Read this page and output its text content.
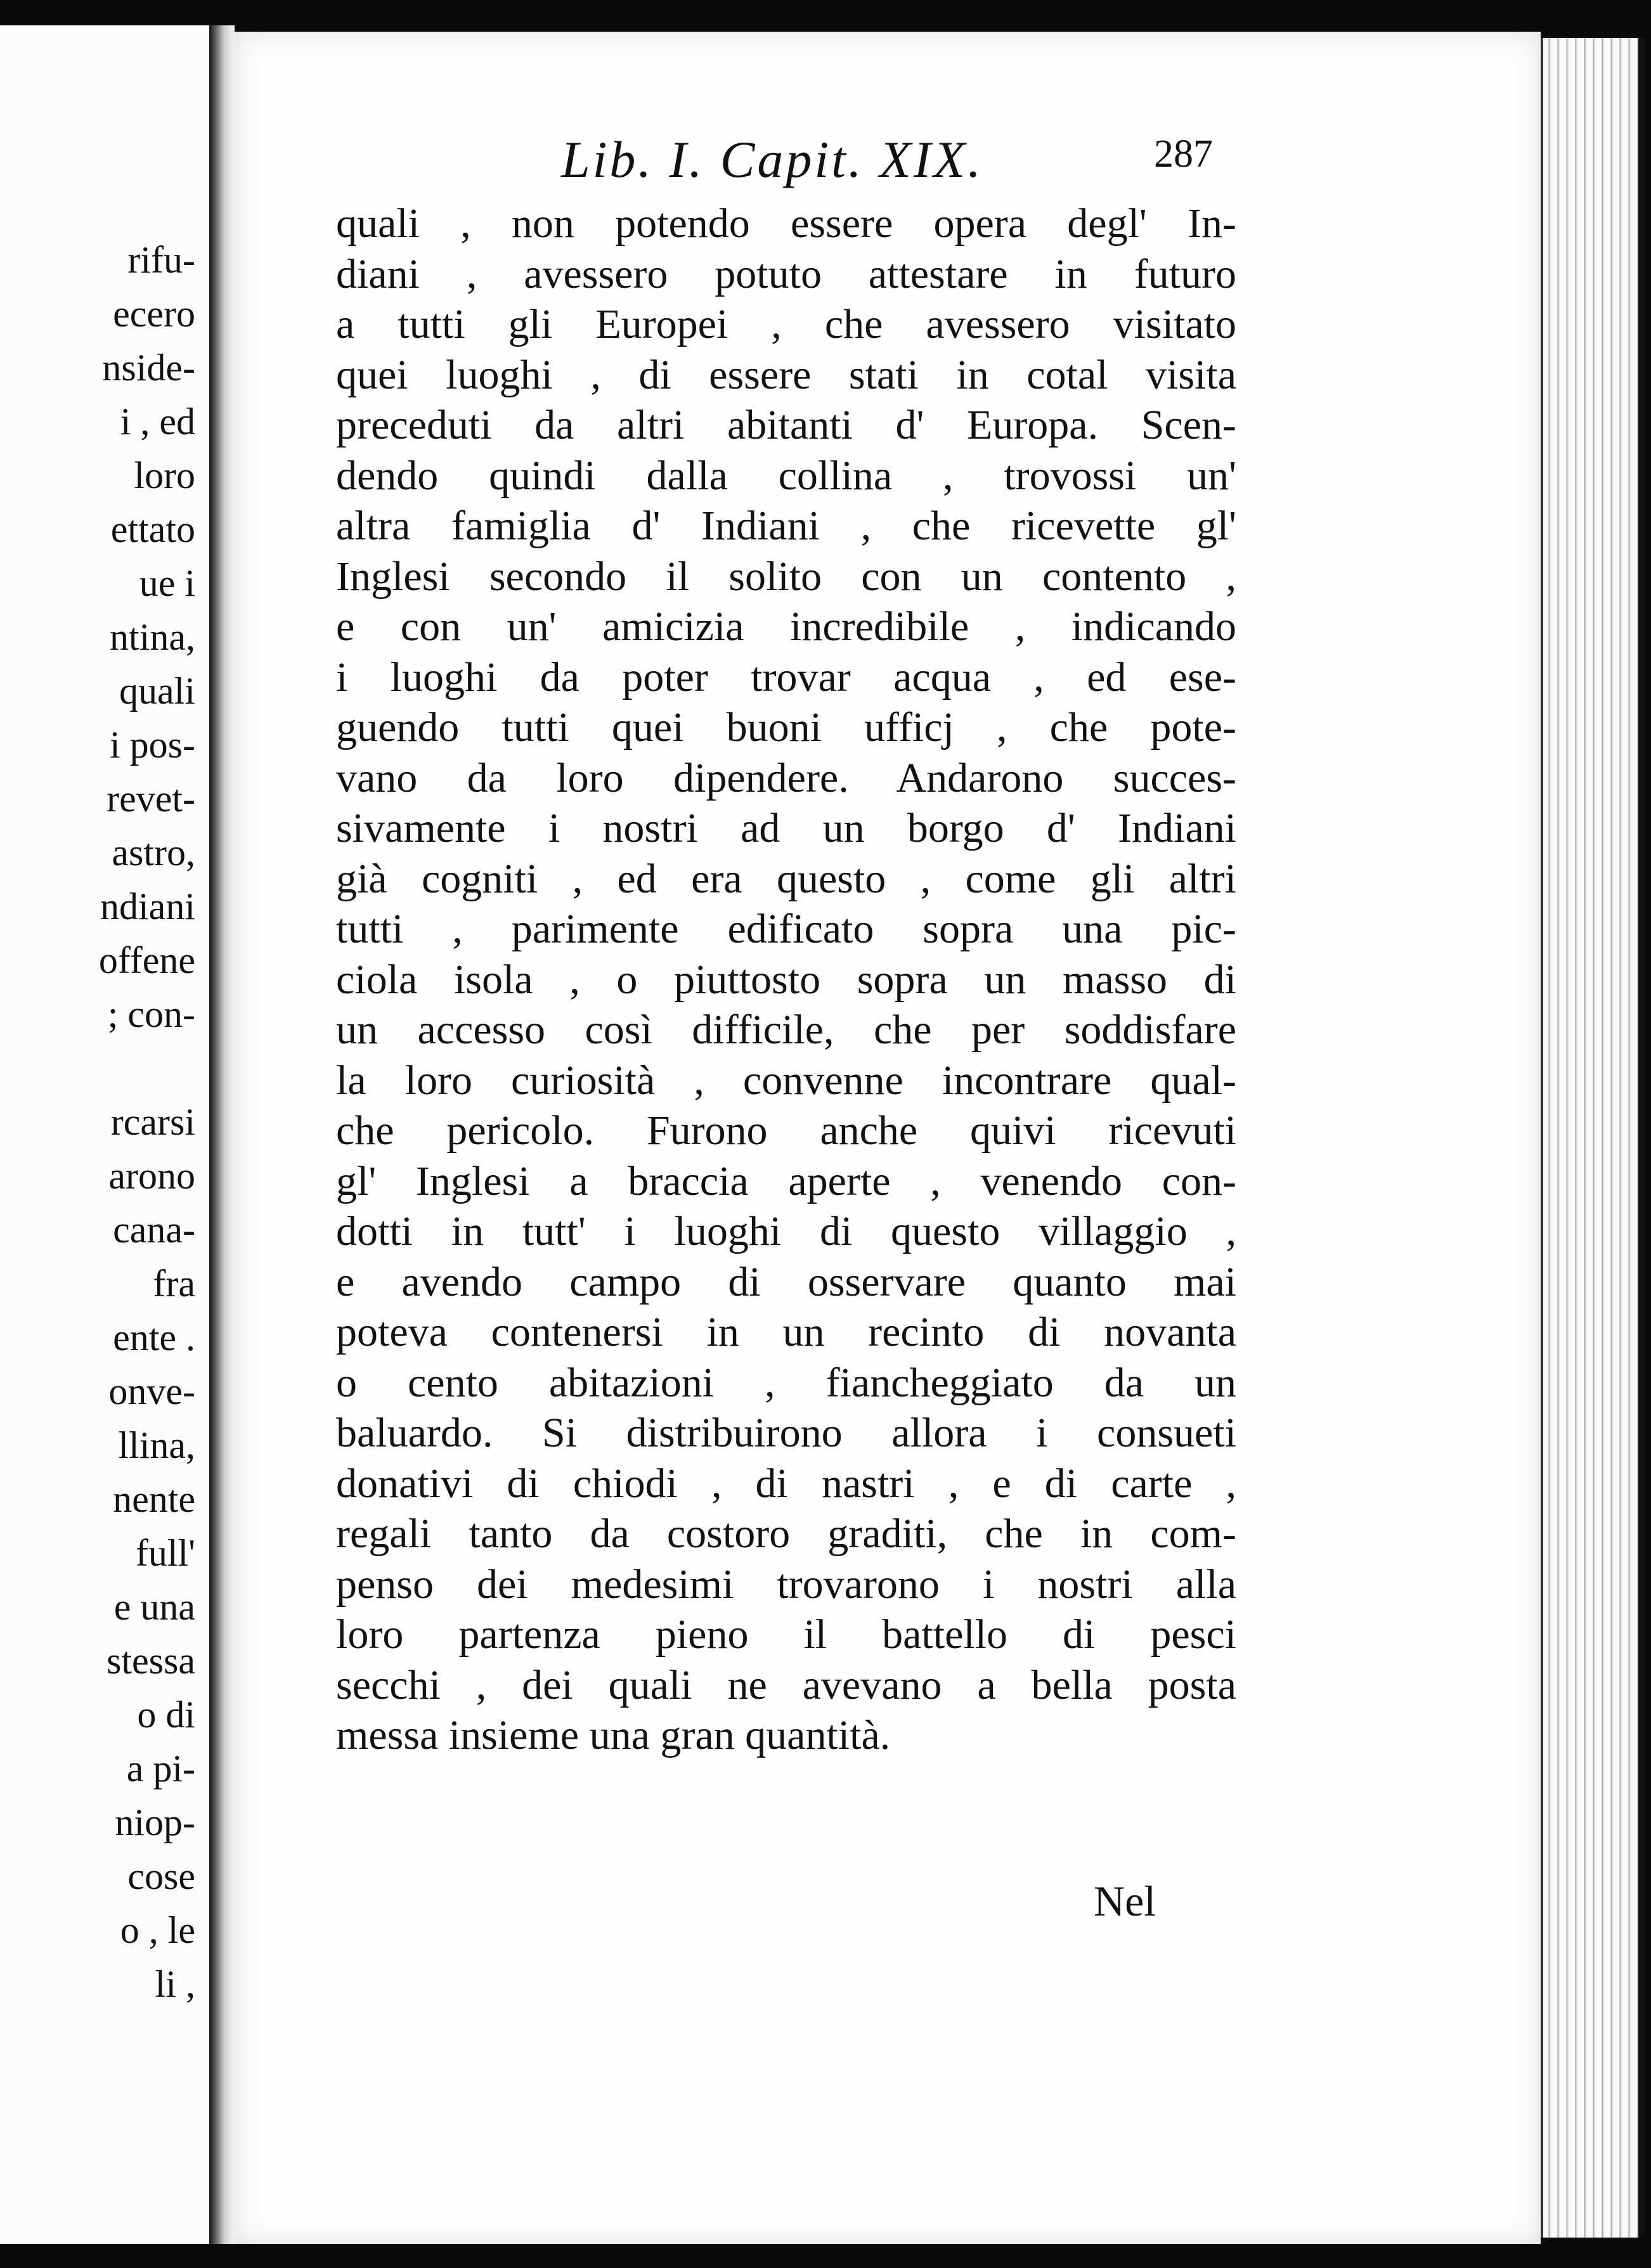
rifu-
ecero
nside-
i , ed
loro
ettato
ue i
ntina,
quali
i pos-
revet-
astro,
ndiani
offene
; con-
rcarsi
arono
cana-
fra
ente .
onve-
llina,
nente
full'
e una
stessa
o di
a pi-
niop-
cose
o , le
li ,
Lib. I. Capit. XIX.	287
quali , non potendo essere opera degl' In-
diani , avessero potuto attestare in futuro
a tutti gli Europei , che avessero visitato
quei luoghi , di essere stati in cotal visita
preceduti da altri abitanti d' Europa. Scen-
dendo quindi dalla collina , trovossi un'
altra famiglia d' Indiani , che ricevette gl'
Inglesi secondo il solito con un contento ,
e con un' amicizia incredibile , indicando
i luoghi da poter trovar acqua , ed ese-
guendo tutti quei buoni ufficj , che pote-
vano da loro dipendere. Andarono succes-
sivamente i nostri ad un borgo d' Indiani
già cogniti , ed era questo , come gli altri
tutti , parimente edificato sopra una pic-
ciola isola , o piuttosto sopra un masso di
un accesso così difficile, che per soddisfare
la loro curiosità , convenne incontrare qual-
che pericolo. Furono anche quivi ricevuti
gl' Inglesi a braccia aperte , venendo con-
dotti in tutt' i luoghi di questo villaggio ,
e avendo campo di osservare quanto mai
poteva contenersi in un recinto di novanta
o cento abitazioni , fiancheggiato da un
baluardo. Si distribuirono allora i consueti
donativi di chiodi , di nastri , e di carte ,
regali tanto da costoro graditi, che in com-
penso dei medesimi trovarono i nostri alla
loro partenza pieno il battello di pesci
secchi , dei quali ne avevano a bella posta
messa insieme una gran quantità.
Nel
